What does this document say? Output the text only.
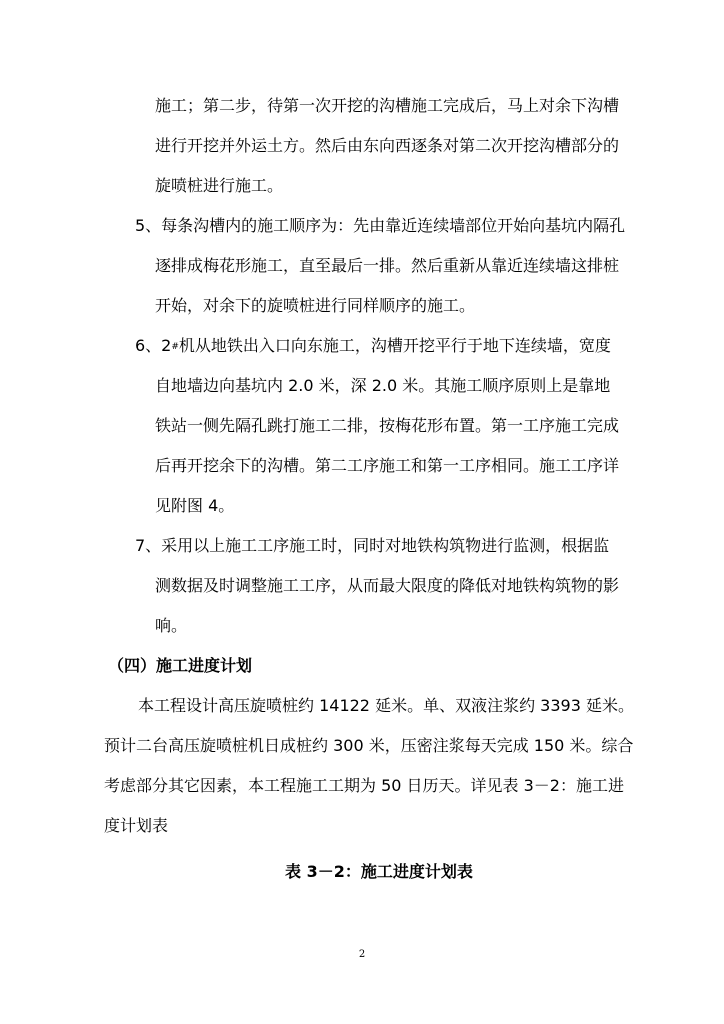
施工；第二步，待第一次开挖的沟槽施工完成后，马上对余下沟槽
进行开挖并外运土方。然后由东向西逐条对第二次开挖沟槽部分的
旋喷桩进行施工。
5、每条沟槽内的施工顺序为：先由靠近连续墙部位开始向基坑内隔孔
逐排成梅花形施工，直至最后一排。然后重新从靠近连续墙这排桩
开始，对余下的旋喷桩进行同样顺序的施工。
6、2#机从地铁出入口向东施工，沟槽开挖平行于地下连续墙，宽度
自地墙边向基坑内 2.0 米，深 2.0 米。其施工顺序原则上是靠地
铁站一侧先隔孔跳打施工二排，按梅花形布置。第一工序施工完成
后再开挖余下的沟槽。第二工序施工和第一工序相同。施工工序详
见附图 4。
7、采用以上施工工序施工时，同时对地铁构筑物进行监测，根据监
测数据及时调整施工工序，从而最大限度的降低对地铁构筑物的影
响。
（四）施工进度计划
本工程设计高压旋喷桩约 14122 延米。单、双液注浆约 3393 延米。
预计二台高压旋喷桩机日成桩约 300 米，压密注浆每天完成 150 米。综合
考虑部分其它因素，本工程施工工期为 50 日历天。详见表 3－2：施工进
度计划表
表 3－2：施工进度计划表
2
